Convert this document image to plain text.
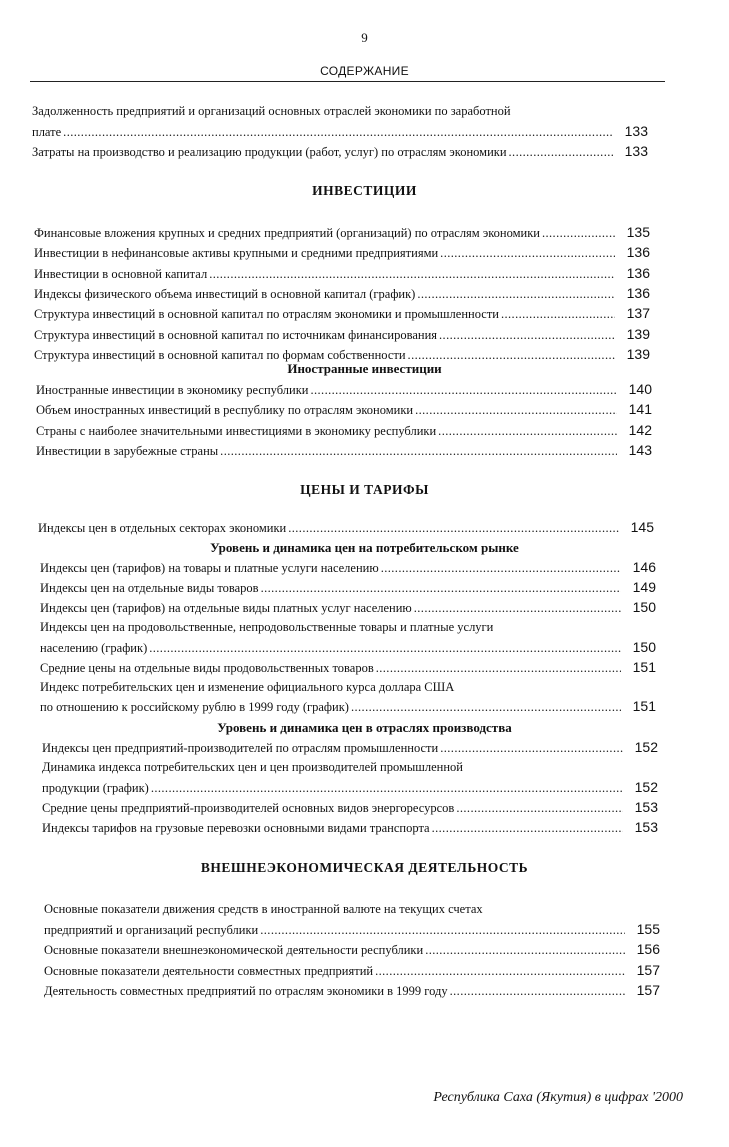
9
СОДЕРЖАНИЕ
Задолженность предприятий и организаций основных отраслей экономики по заработной
плате .....	133
Затраты на производство и реализацию продукции (работ, услуг) по отраслям экономики .....	133
ИНВЕСТИЦИИ
Финансовые вложения крупных и средних предприятий (организаций) по отраслям экономики .....	135
Инвестиции в нефинансовые активы крупными и средними предприятиями .....	136
Инвестиции в основной капитал .....	136
Индексы физического объема инвестиций в основной капитал (график) .....	136
Структура инвестиций в основной капитал по отраслям экономики и промышленности .....	137
Структура инвестиций в основной капитал по источникам финансирования .....	139
Структура инвестиций в основной капитал по формам собственности .....	139
Иностранные инвестиции
Иностранные инвестиции в экономику республики .....	140
Объем иностранных инвестиций в республику по отраслям экономики .....	141
Страны с наиболее значительными инвестициями в экономику республики .....	142
Инвестиции в зарубежные страны .....	143
ЦЕНЫ И ТАРИФЫ
Индексы цен в отдельных секторах экономики .....	145
Уровень и динамика цен на потребительском рынке
Индексы цен (тарифов) на товары и платные услуги населению .....	146
Индексы цен на отдельные виды товаров .....	149
Индексы цен (тарифов) на отдельные виды платных услуг населению .....	150
Индексы цен на продовольственные, непродовольственные товары и платные услуги
населению (график) .....	150
Средние цены на отдельные виды продовольственных товаров .....	151
Индекс потребительских цен и изменение официального курса доллара США
по отношению к российскому рублю в 1999 году (график) .....	151
Уровень и динамика цен в отраслях производства
Индексы цен предприятий-производителей по отраслям промышленности .....	152
Динамика индекса потребительских цен и цен производителей промышленной
продукции (график) .....	152
Средние цены предприятий-производителей основных видов энергоресурсов .....	153
Индексы тарифов на грузовые перевозки основными видами транспорта .....	153
ВНЕШНЕЭКОНОМИЧЕСКАЯ ДЕЯТЕЛЬНОСТЬ
Основные показатели движения средств в иностранной валюте на текущих счетах
предприятий и организаций республики .....	155
Основные показатели внешнеэкономической деятельности республики .....	156
Основные показатели деятельности совместных предприятий .....	157
Деятельность совместных предприятий по отраслям экономики в 1999 году .....	157
Республика Саха (Якутия) в цифрах '2000
